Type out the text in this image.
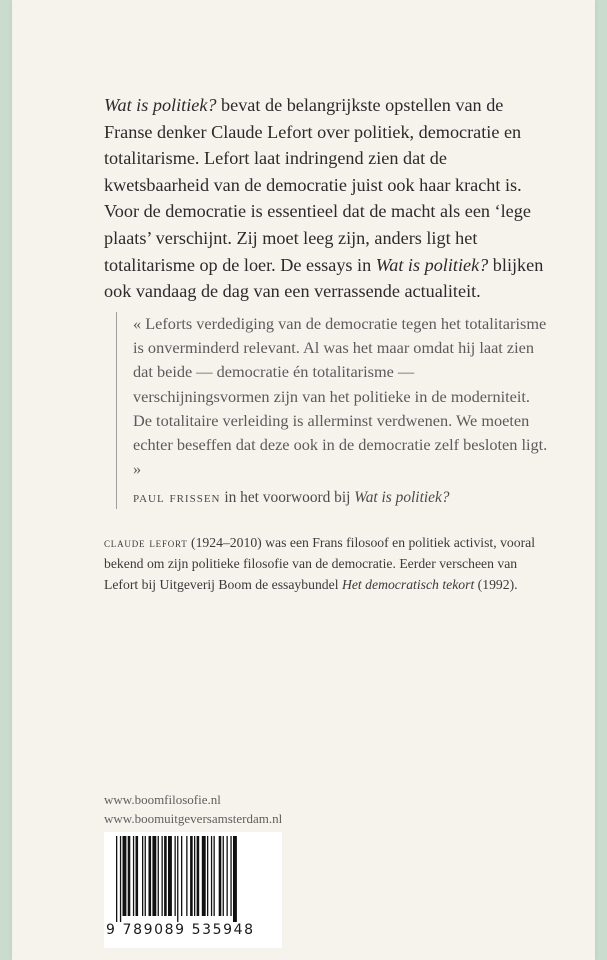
Wat is politiek? bevat de belangrijkste opstellen van de Franse denker Claude Lefort over politiek, democratie en totalitarisme. Lefort laat indringend zien dat de kwetsbaarheid van de democratie juist ook haar kracht is. Voor de democratie is essentieel dat de macht als een ‘lege plaats’ verschijnt. Zij moet leeg zijn, anders ligt het totalitarisme op de loer. De essays in Wat is politiek? blijken ook vandaag de dag van een verrassende actualiteit.

« Leforts verdediging van de democratie tegen het totalitarisme is onverminderd relevant. Al was het maar omdat hij laat zien dat beide — democratie én totalitarisme — verschijningsvormen zijn van het politieke in de moderniteit. De totalitaire verleiding is allerminst verdwenen. We moeten echter beseffen dat deze ook in de democratie zelf besloten ligt. »

paul frissen in het voorwoord bij Wat is politiek?

claude lefort (1924–2010) was een Frans filosoof en politiek activist, vooral bekend om zijn politieke filosofie van de democratie. Eerder verscheen van Lefort bij Uitgeverij Boom de essaybundel Het democratisch tekort (1992).

www.boomfilosofie.nl
www.boomuitgeversamsterdam.nl
9 789089 535948
